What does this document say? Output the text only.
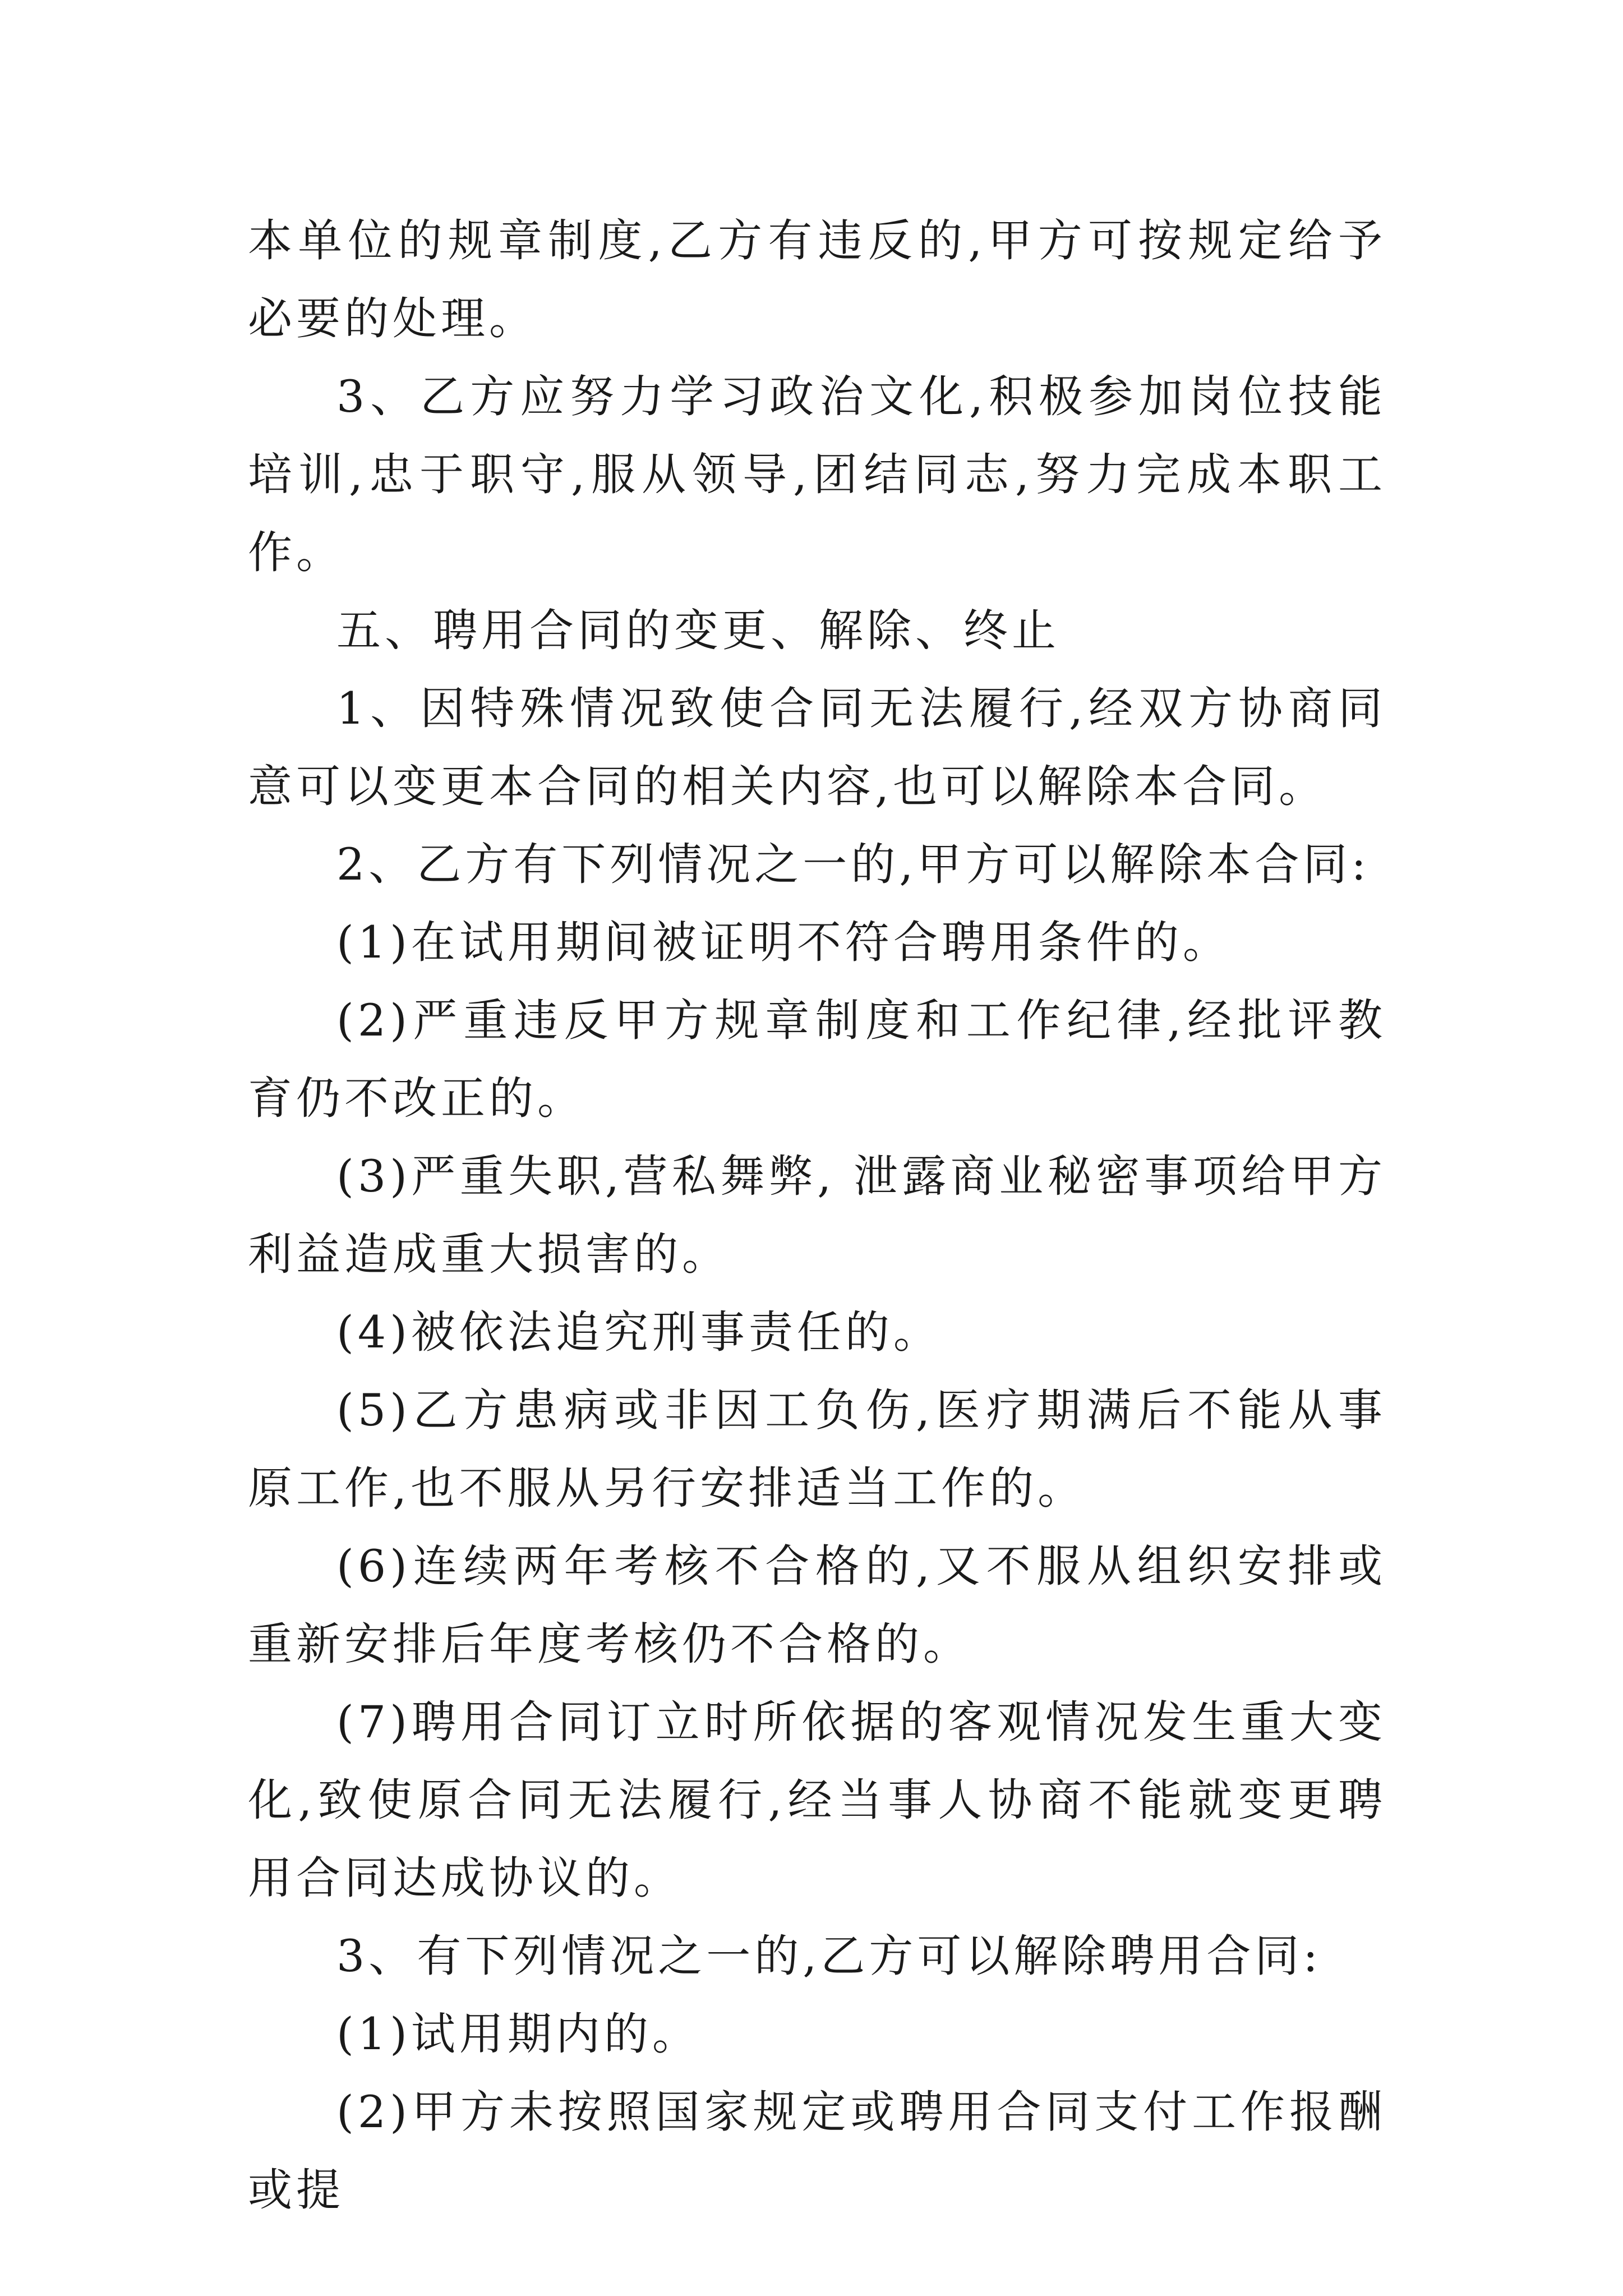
本单位的规章制度,乙方有违反的,甲方可按规定给予必要的处理。

3、乙方应努力学习政治文化,积极参加岗位技能培训,忠于职守,服从领导,团结同志,努力完成本职工作。

五、聘用合同的变更、解除、终止

1、因特殊情况致使合同无法履行,经双方协商同意可以变更本合同的相关内容,也可以解除本合同。

2、乙方有下列情况之一的,甲方可以解除本合同:

(1)在试用期间被证明不符合聘用条件的。

(2)严重违反甲方规章制度和工作纪律,经批评教育仍不改正的。

(3)严重失职,营私舞弊, 泄露商业秘密事项给甲方利益造成重大损害的。

(4)被依法追究刑事责任的。

(5)乙方患病或非因工负伤,医疗期满后不能从事原工作,也不服从另行安排适当工作的。

(6)连续两年考核不合格的,又不服从组织安排或重新安排后年度考核仍不合格的。

(7)聘用合同订立时所依据的客观情况发生重大变化,致使原合同无法履行,经当事人协商不能就变更聘用合同达成协议的。

3、有下列情况之一的,乙方可以解除聘用合同:

(1)试用期内的。

(2)甲方未按照国家规定或聘用合同支付工作报酬或提
